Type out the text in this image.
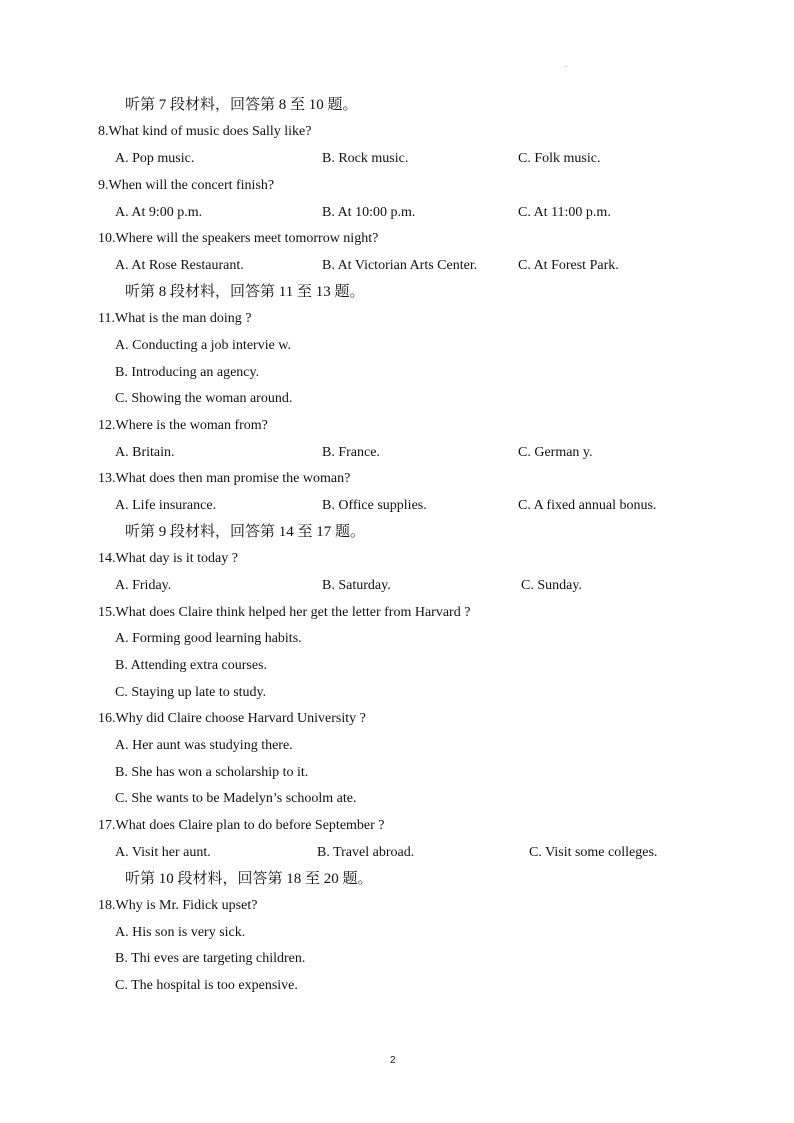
.
听第 7 段材料，回答第 8 至 10 题。
8.What kind of music does Sally like?
A. Pop music.	B. Rock music.	C. Folk music.
9.When will the concert finish?
A. At 9:00 p.m.	B. At 10:00 p.m.	C. At 11:00 p.m.
10.Where will the speakers meet tomorrow night?
A. At Rose Restaurant.	B. At Victorian Arts Center.	C. At Forest Park.
听第 8 段材料，回答第 11 至 13 题。
11.What is the man doing ?
A. Conducting a job intervie w.
B. Introducing an agency.
C. Showing the woman around.
12.Where is the woman from?
A. Britain.	B. France.	C. German y.
13.What does then man promise the woman?
A. Life insurance.	B. Office supplies.	C. A fixed annual bonus.
听第 9 段材料，回答第 14 至 17 题。
14.What day is it today ?
A. Friday.	B. Saturday.	C. Sunday.
15.What does Claire think helped her get the letter from Harvard ?
A. Forming good learning habits.
B. Attending extra courses.
C. Staying up late to study.
16.Why did Claire choose Harvard University ?
A. Her aunt was studying there.
B. She has won a scholarship to it.
C. She wants to be Madelyn’s schoolm ate.
17.What does Claire plan to do before September ?
A. Visit her aunt.	B. Travel abroad.	C. Visit some colleges.
听第 10 段材料，回答第 18 至 20 题。
18.Why is Mr. Fidick upset?
A. His son is very sick.
B. Thi eves are targeting children.
C. The hospital is too expensive.
2
